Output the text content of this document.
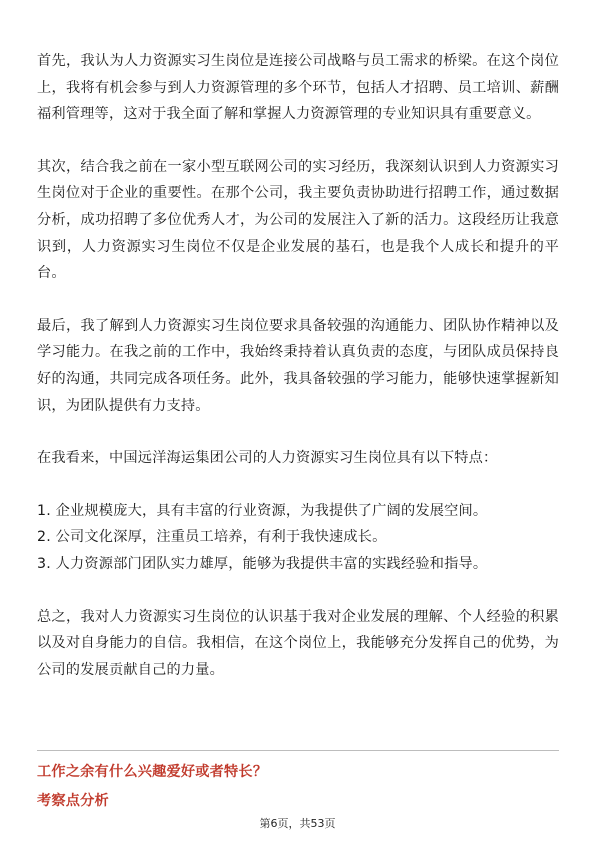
首先，我认为人力资源实习生岗位是连接公司战略与员工需求的桥梁。在这个岗位上，我将有机会参与到人力资源管理的多个环节，包括人才招聘、员工培训、薪酬福利管理等，这对于我全面了解和掌握人力资源管理的专业知识具有重要意义。

其次，结合我之前在一家小型互联网公司的实习经历，我深刻认识到人力资源实习生岗位对于企业的重要性。在那个公司，我主要负责协助进行招聘工作，通过数据分析，成功招聘了多位优秀人才，为公司的发展注入了新的活力。这段经历让我意识到，人力资源实习生岗位不仅是企业发展的基石，也是我个人成长和提升的平台。

最后，我了解到人力资源实习生岗位要求具备较强的沟通能力、团队协作精神以及学习能力。在我之前的工作中，我始终秉持着认真负责的态度，与团队成员保持良好的沟通，共同完成各项任务。此外，我具备较强的学习能力，能够快速掌握新知识，为团队提供有力支持。

在我看来，中国远洋海运集团公司的人力资源实习生岗位具有以下特点：

1. 企业规模庞大，具有丰富的行业资源，为我提供了广阔的发展空间。

2. 公司文化深厚，注重员工培养，有利于我快速成长。

3. 人力资源部门团队实力雄厚，能够为我提供丰富的实践经验和指导。

总之，我对人力资源实习生岗位的认识基于我对企业发展的理解、个人经验的积累以及对自身能力的自信。我相信，在这个岗位上，我能够充分发挥自己的优势，为公司的发展贡献自己的力量。

工作之余有什么兴趣爱好或者特长？
考察点分析
第6页，共53页
